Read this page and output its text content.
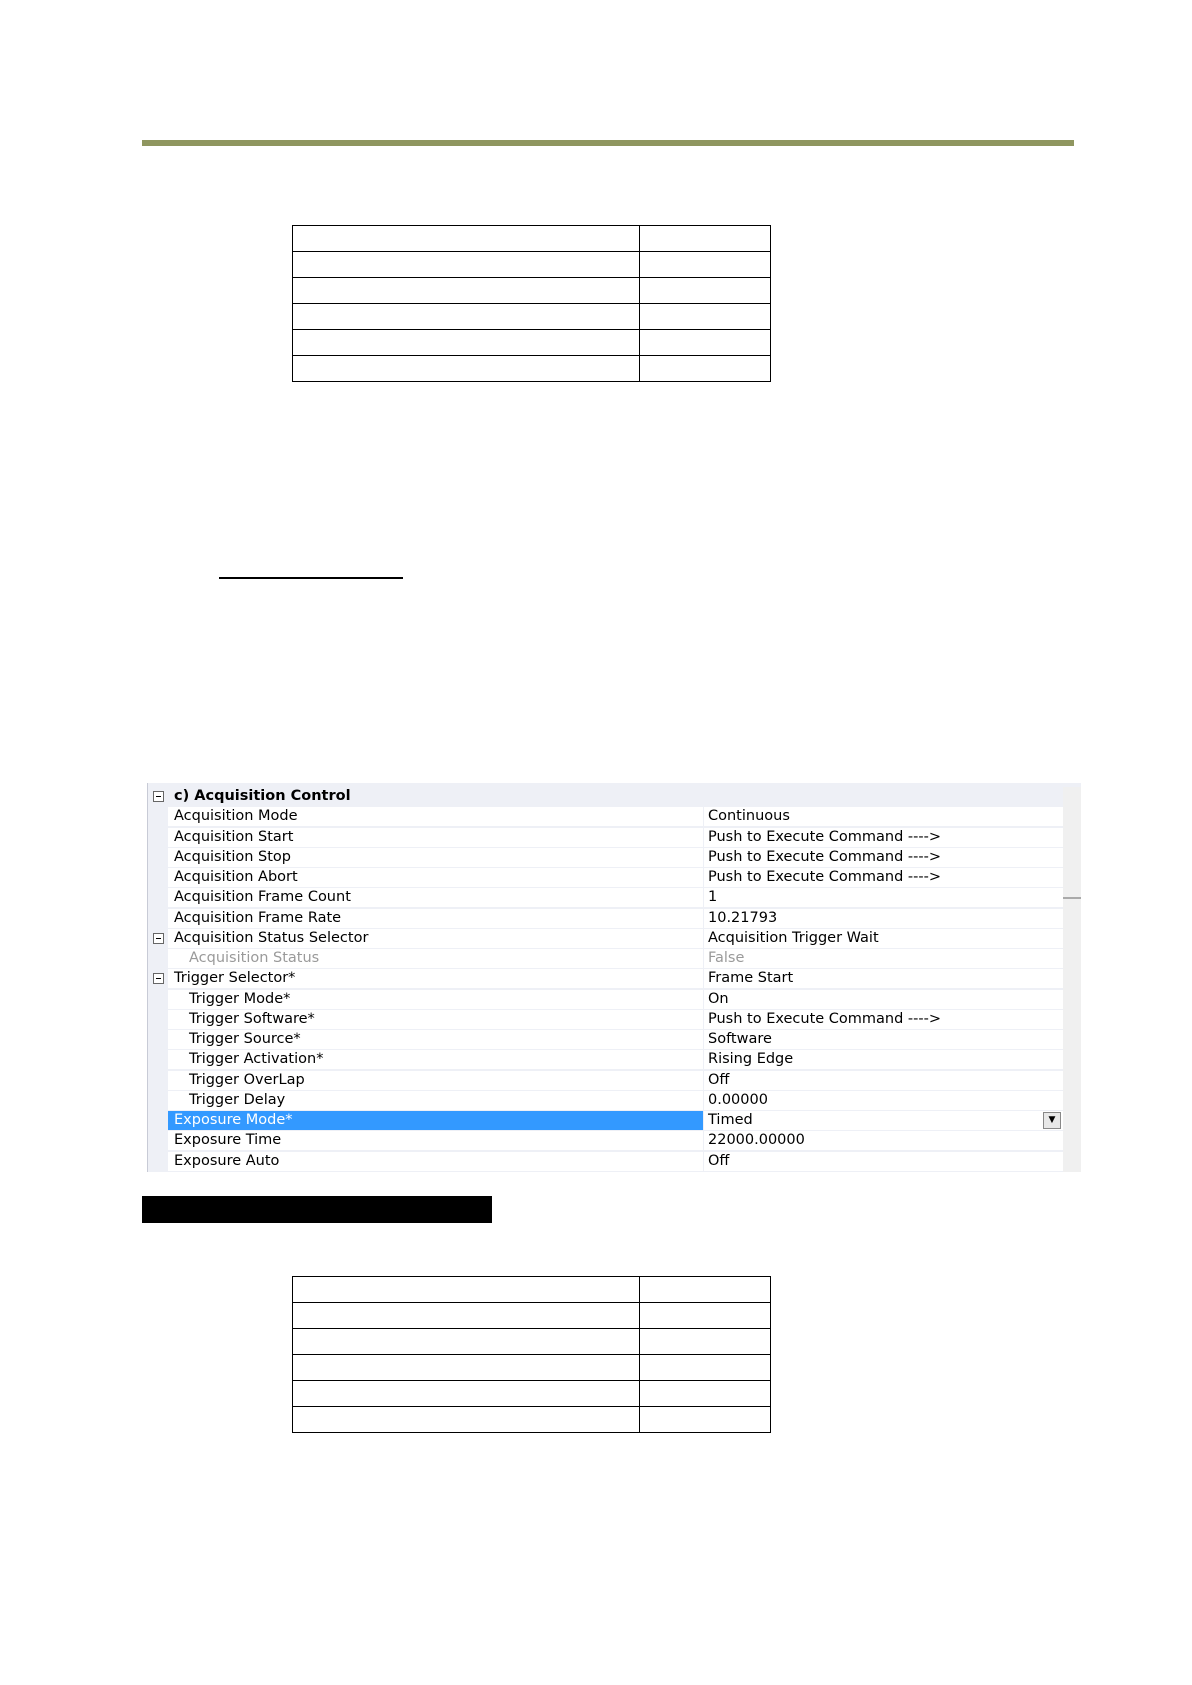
c) Acquisition Control
Acquisition Mode	Continuous
Acquisition Start	Push to Execute Command ---->
Acquisition Stop	Push to Execute Command ---->
Acquisition Abort	Push to Execute Command ---->
Acquisition Frame Count	1
Acquisition Frame Rate	10.21793
Acquisition Status Selector	Acquisition Trigger Wait
Acquisition Status	False
Trigger Selector*	Frame Start
Trigger Mode*	On
Trigger Software*	Push to Execute Command ---->
Trigger Source*	Software
Trigger Activation*	Rising Edge
Trigger OverLap	Off
Trigger Delay	0.00000
Exposure Mode*	Timed	▼
Exposure Time	22000.00000
Exposure Auto	Off
